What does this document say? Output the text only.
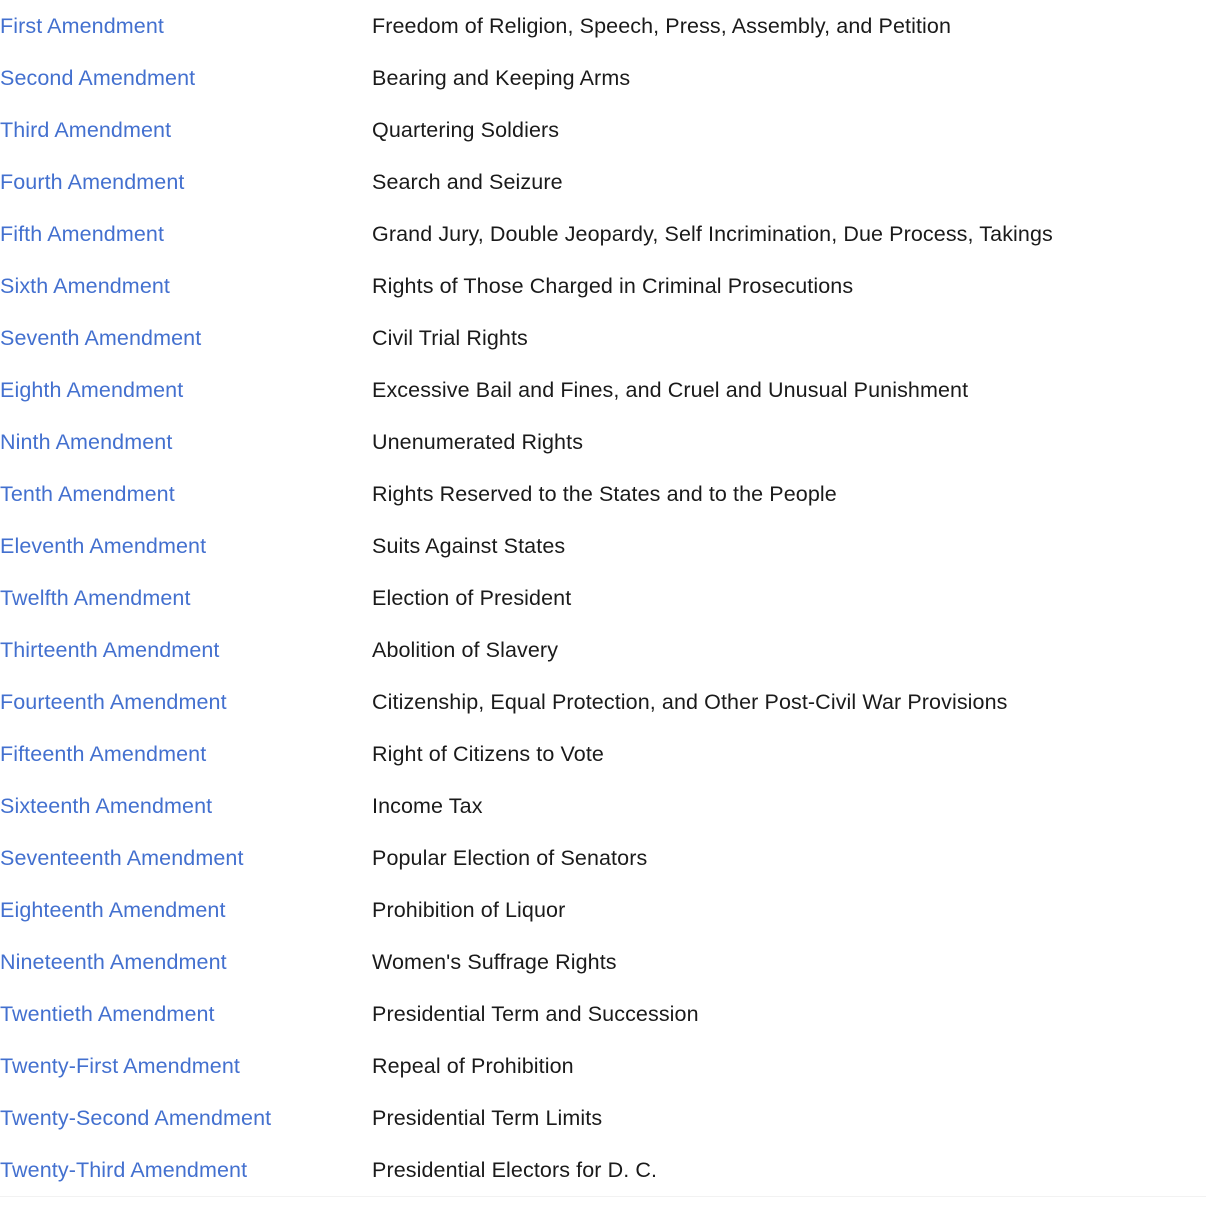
First Amendment	Freedom of Religion, Speech, Press, Assembly, and Petition
Second Amendment	Bearing and Keeping Arms
Third Amendment	Quartering Soldiers
Fourth Amendment	Search and Seizure
Fifth Amendment	Grand Jury, Double Jeopardy, Self Incrimination, Due Process, Takings
Sixth Amendment	Rights of Those Charged in Criminal Prosecutions
Seventh Amendment	Civil Trial Rights
Eighth Amendment	Excessive Bail and Fines, and Cruel and Unusual Punishment
Ninth Amendment	Unenumerated Rights
Tenth Amendment	Rights Reserved to the States and to the People
Eleventh Amendment	Suits Against States
Twelfth Amendment	Election of President
Thirteenth Amendment	Abolition of Slavery
Fourteenth Amendment	Citizenship, Equal Protection, and Other Post-Civil War Provisions
Fifteenth Amendment	Right of Citizens to Vote
Sixteenth Amendment	Income Tax
Seventeenth Amendment	Popular Election of Senators
Eighteenth Amendment	Prohibition of Liquor
Nineteenth Amendment	Women's Suffrage Rights
Twentieth Amendment	Presidential Term and Succession
Twenty-First Amendment	Repeal of Prohibition
Twenty-Second Amendment	Presidential Term Limits
Twenty-Third Amendment	Presidential Electors for D. C.
